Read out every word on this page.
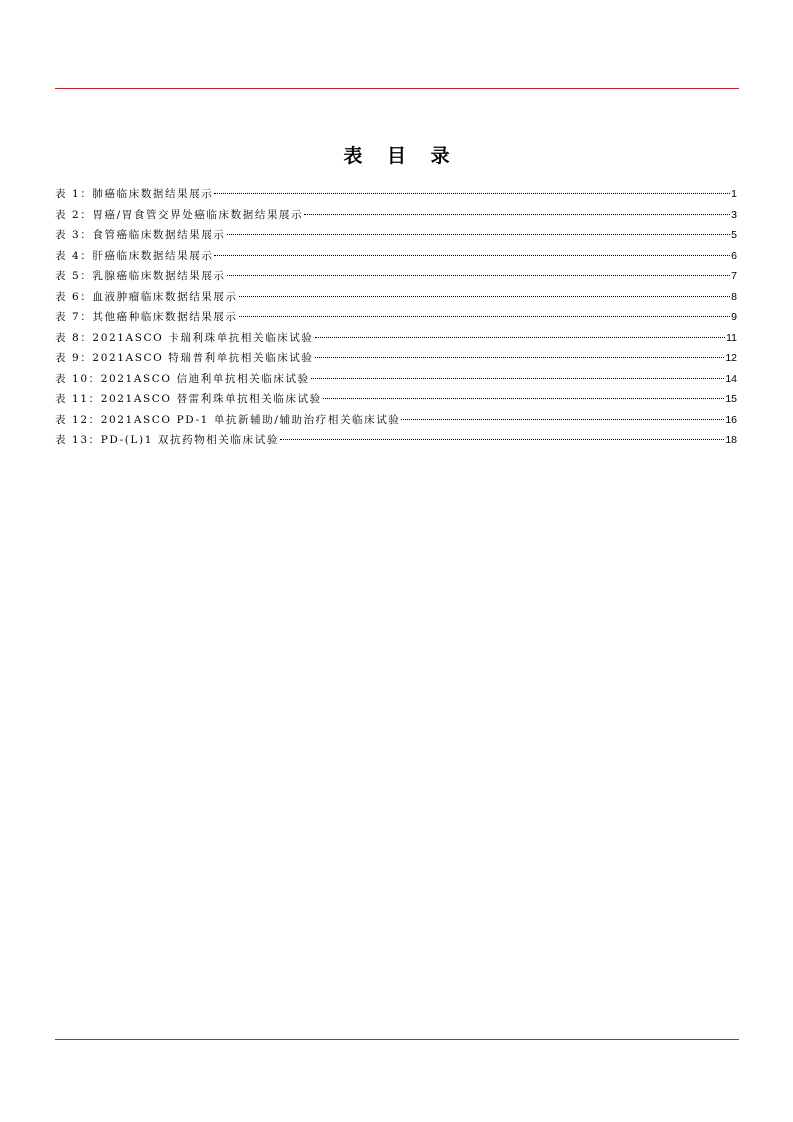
表 目 录
表 1：肺癌临床数据结果展示	1
表 2：胃癌/胃食管交界处癌临床数据结果展示	3
表 3：食管癌临床数据结果展示	5
表 4：肝癌临床数据结果展示	6
表 5：乳腺癌临床数据结果展示	7
表 6：血液肿瘤临床数据结果展示	8
表 7：其他癌种临床数据结果展示	9
表 8：2021ASCO 卡瑞利珠单抗相关临床试验	11
表 9：2021ASCO 特瑞普利单抗相关临床试验	12
表 10：2021ASCO 信迪利单抗相关临床试验	14
表 11：2021ASCO 替雷利珠单抗相关临床试验	15
表 12：2021ASCO PD-1 单抗新辅助/辅助治疗相关临床试验	16
表 13：PD-(L)1 双抗药物相关临床试验	18
